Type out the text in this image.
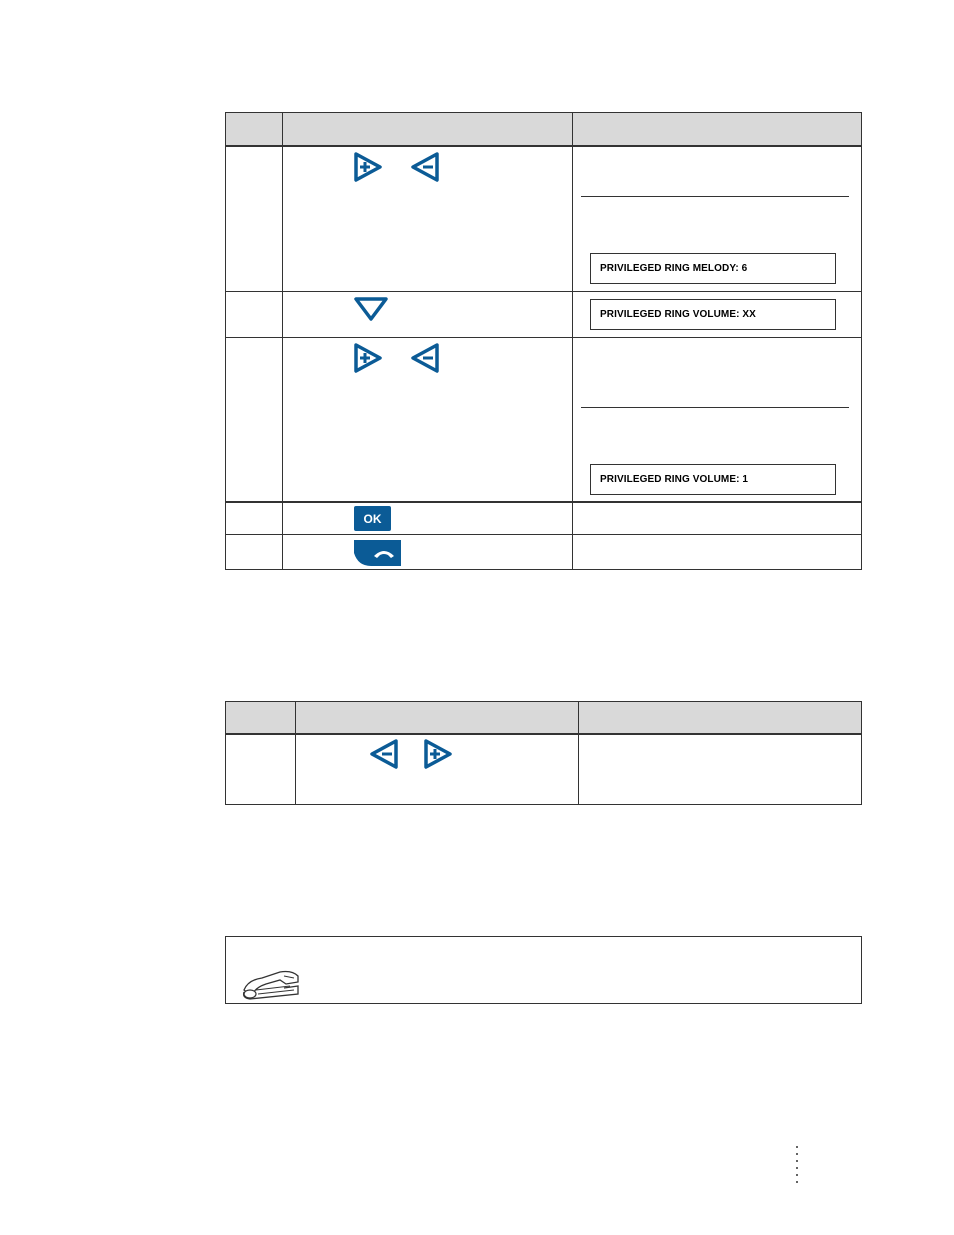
PRIVILEGED RING MELODY: 6
PRIVILEGED RING VOLUME: XX
PRIVILEGED RING VOLUME: 1
OK
